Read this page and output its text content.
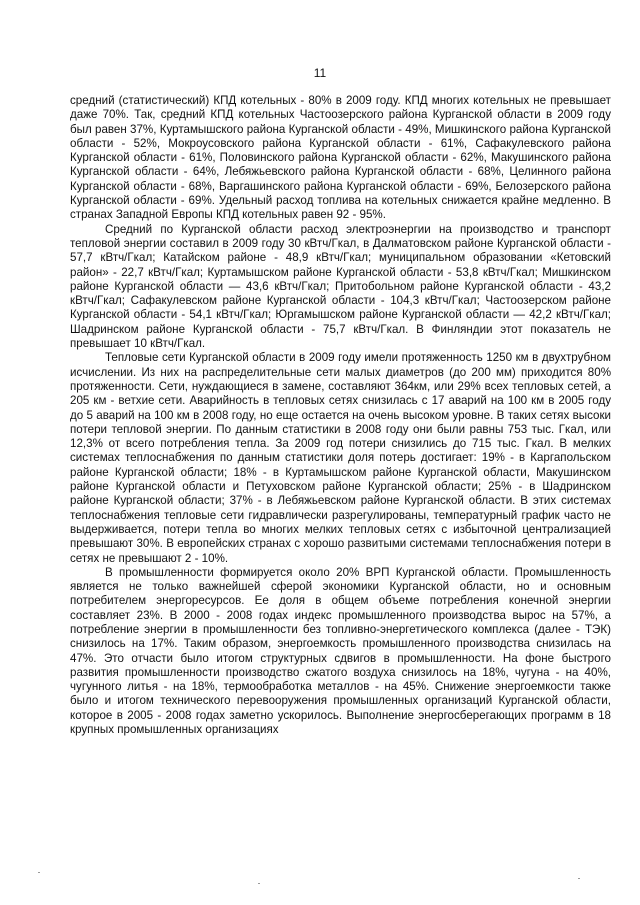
11

средний (статистический) КПД котельных - 80% в 2009 году. КПД многих котельных не превышает даже 70%. Так, средний КПД котельных Частоозерского района Курганской области в 2009 году был равен 37%, Куртамышского района Курганской области - 49%, Мишкинского района Курганской области - 52%, Мокроусовского района Курганской области - 61%, Сафакулевского района Курганской области - 61%, Половинского района Курганской области - 62%, Макушинского района Курганской области - 64%, Лебяжьевского района Курганской области - 68%, Целинного района Курганской области - 68%, Варгашинского района Курганской области - 69%, Белозерского района Курганской области - 69%. Удельный расход топлива на котельных снижается крайне медленно. В странах Западной Европы КПД котельных равен 92 - 95%.

Средний по Курганской области расход электроэнергии на производство и транспорт тепловой энергии составил в 2009 году 30 кВтч/Гкал, в Далматовском районе Курганской области - 57,7 кВтч/Гкал; Катайском районе - 48,9 кВтч/Гкал; муниципальном образовании «Кетовский район» - 22,7 кВтч/Гкал; Куртамышском районе Курганской области - 53,8 кВтч/Гкал; Мишкинском районе Курганской области — 43,6 кВтч/Гкал; Притобольном районе Курганской области - 43,2 кВтч/Гкал; Сафакулевском районе Курганской области - 104,3 кВтч/Гкал; Частоозерском районе Курганской области - 54,1 кВтч/Гкал; Юргамышском районе Курганской области — 42,2 кВтч/Гкал; Шадринском районе Курганской области - 75,7 кВтч/Гкал. В Финляндии этот показатель не превышает 10 кВтч/Гкал.

Тепловые сети Курганской области в 2009 году имели протяженность 1250 км в двухтрубном исчислении. Из них на распределительные сети малых диаметров (до 200 мм) приходится 80% протяженности. Сети, нуждающиеся в замене, составляют 364км, или 29% всех тепловых сетей, а 205 км - ветхие сети. Аварийность в тепловых сетях снизилась с 17 аварий на 100 км в 2005 году до 5 аварий на 100 км в 2008 году, но еще остается на очень высоком уровне. В таких сетях высоки потери тепловой энергии. По данным статистики в 2008 году они были равны 753 тыс. Гкал, или 12,3% от всего потребления тепла. За 2009 год потери снизились до 715 тыс. Гкал. В мелких системах теплоснабжения по данным статистики доля потерь достигает: 19% - в Каргапольском районе Курганской области; 18% - в Куртамышском районе Курганской области, Макушинском районе Курганской области и Петуховском районе Курганской области; 25% - в Шадринском районе Курганской области; 37% - в Лебяжьевском районе Курганской области. В этих системах теплоснабжения тепловые сети гидравлически разрегулированы, температурный график часто не выдерживается, потери тепла во многих мелких тепловых сетях с избыточной централизацией превышают 30%. В европейских странах с хорошо развитыми системами теплоснабжения потери в сетях не превышают 2 - 10%.

В промышленности формируется около 20% ВРП Курганской области. Промышленность является не только важнейшей сферой экономики Курганской области, но и основным потребителем энергоресурсов. Ее доля в общем объеме потребления конечной энергии составляет 23%. В 2000 - 2008 годах индекс промышленного производства вырос на 57%, а потребление энергии в промышленности без топливно-энергетического комплекса (далее - ТЭК) снизилось на 17%. Таким образом, энергоемкость промышленного производства снизилась на 47%. Это отчасти было итогом структурных сдвигов в промышленности. На фоне быстрого развития промышленности производство сжатого воздуха снизилось на 18%, чугуна - на 40%, чугунного литья - на 18%, термообработка металлов - на 45%. Снижение энергоемкости также было и итогом технического перевооружения промышленных организаций Курганской области, которое в 2005 - 2008 годах заметно ускорилось. Выполнение энергосберегающих программ в 18 крупных промышленных организациях
